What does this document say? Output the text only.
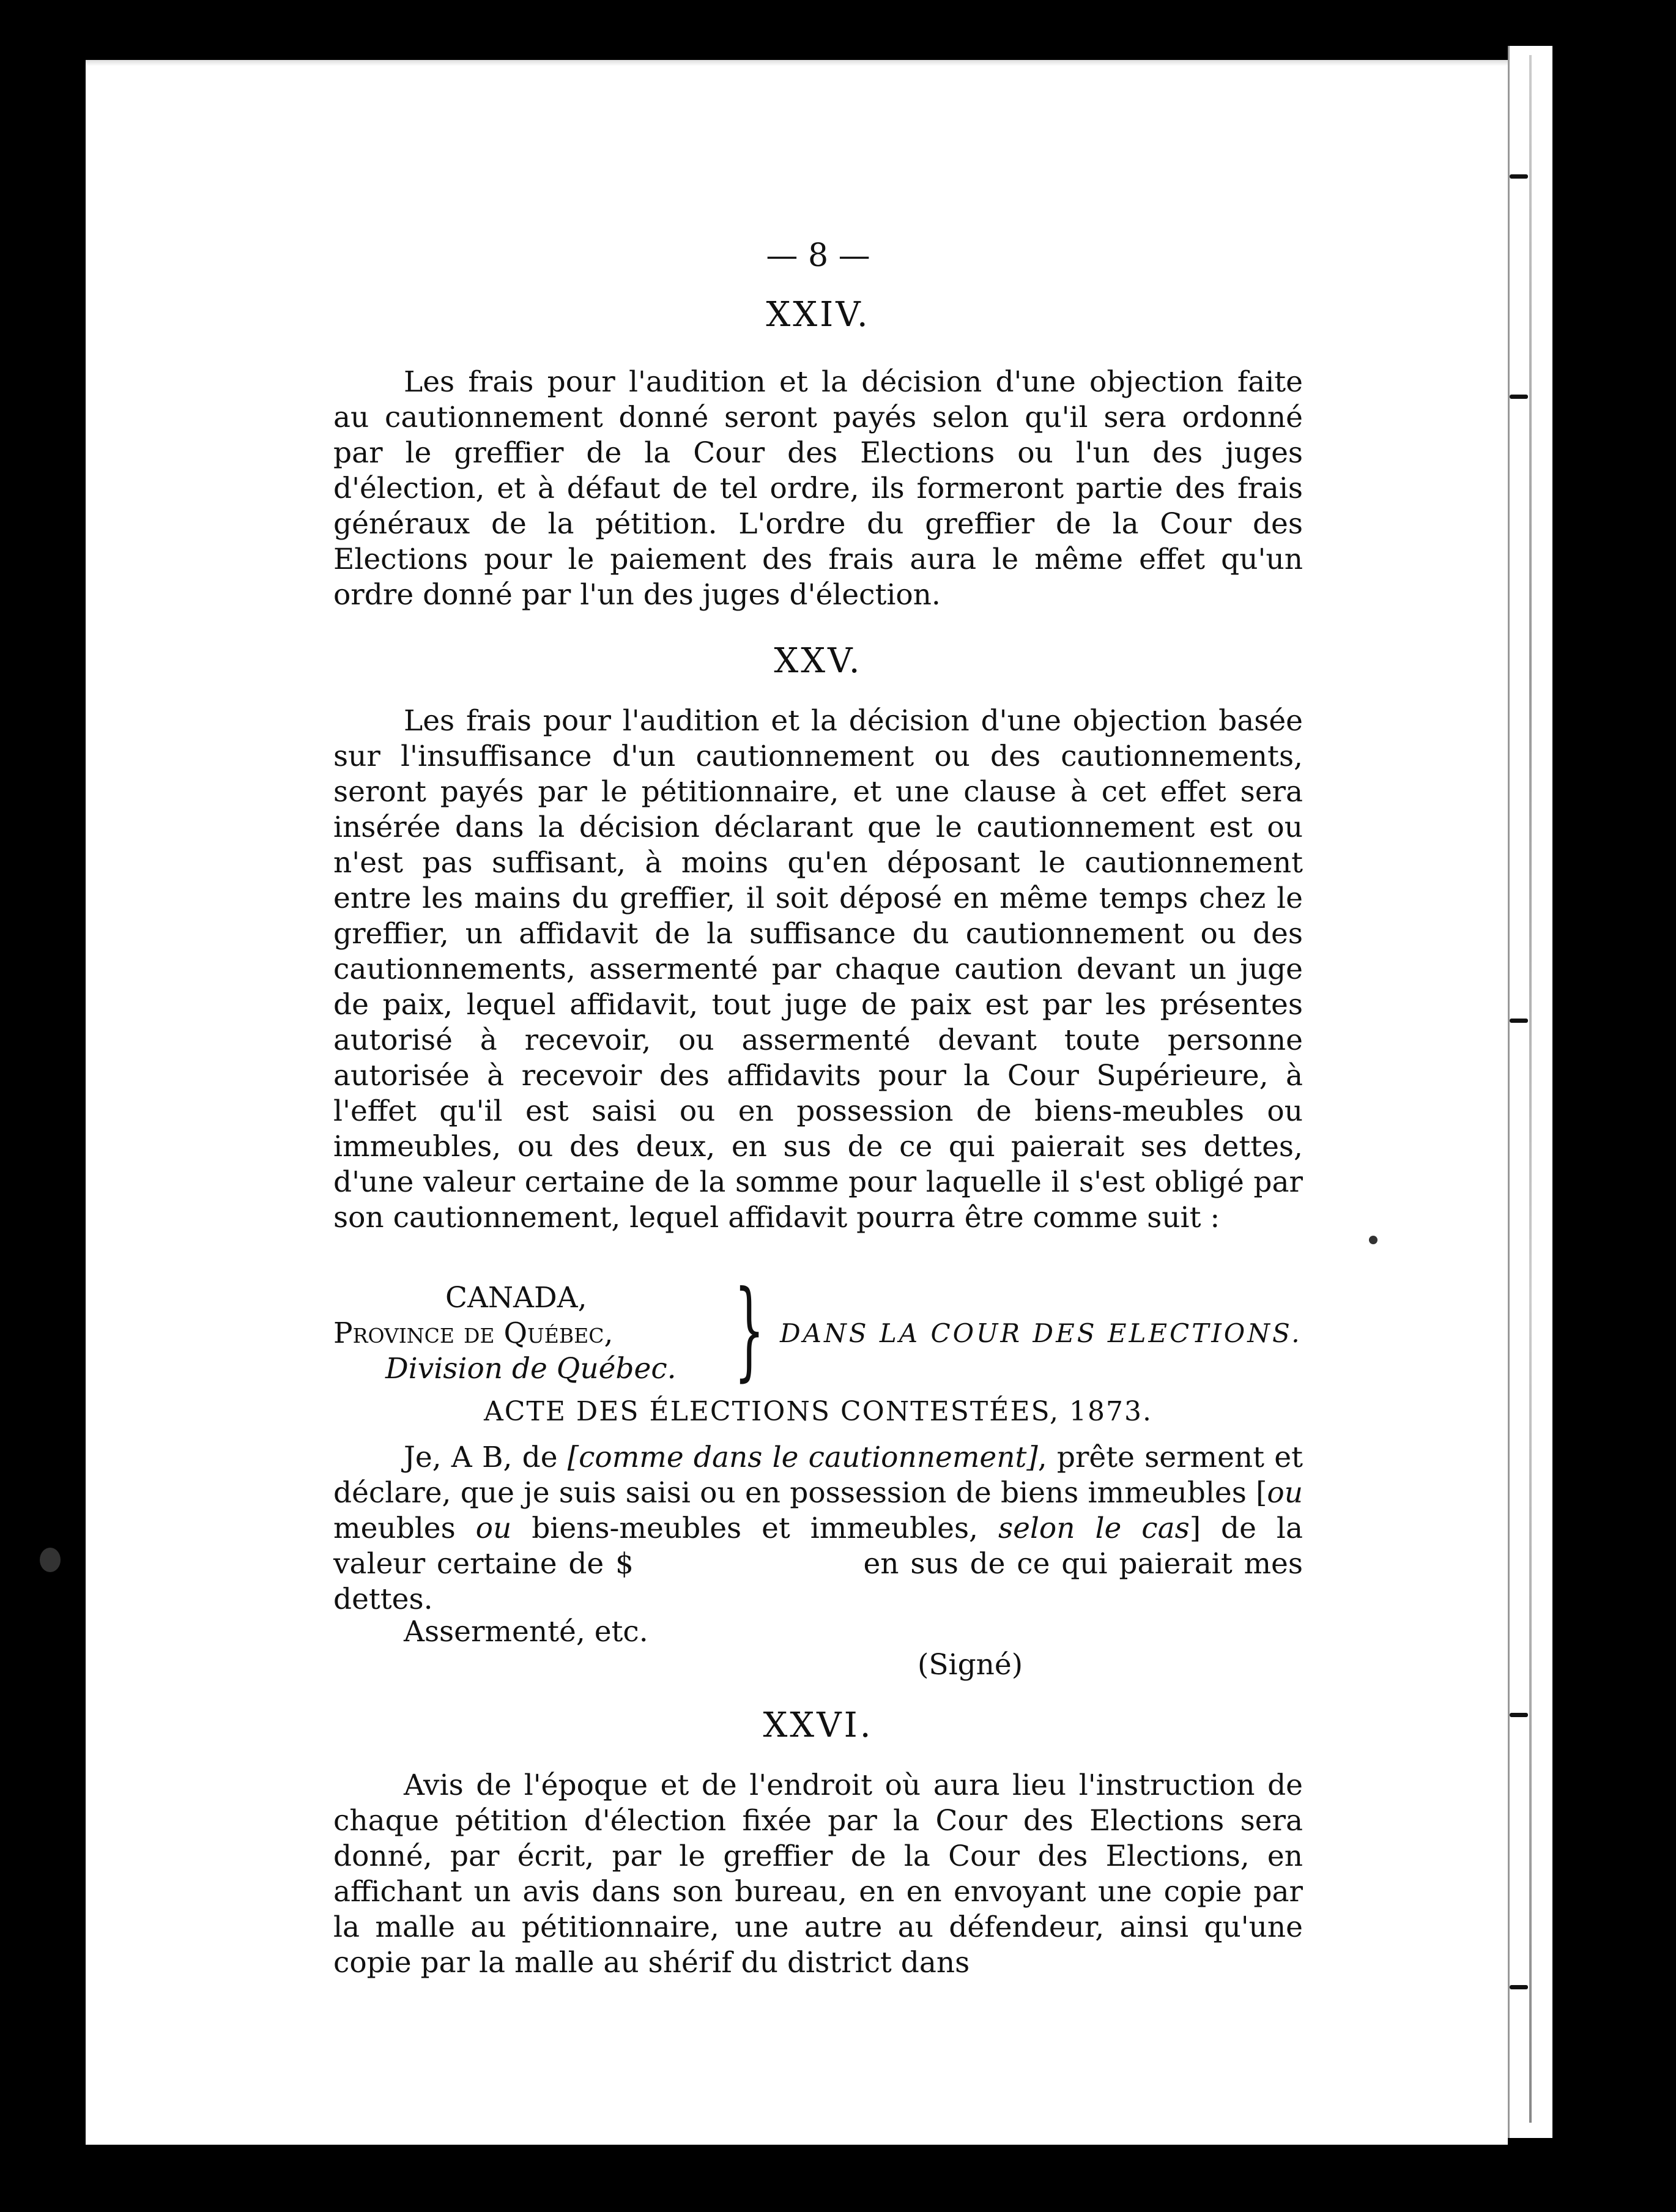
— 8 —
XXIV.

Les frais pour l'audition et la décision d'une objection faite au cautionnement donné seront payés selon qu'il sera ordonné par le greffier de la Cour des Elections ou l'un des juges d'élection, et à défaut de tel ordre, ils formeront partie des frais généraux de la pétition. L'ordre du greffier de la Cour des Elections pour le paiement des frais aura le même effet qu'un ordre donné par l'un des juges d'élection.

XXV.

Les frais pour l'audition et la décision d'une objection basée sur l'insuffisance d'un cautionnement ou des cautionnements, seront payés par le pétitionnaire, et une clause à cet effet sera insérée dans la décision déclarant que le cautionnement est ou n'est pas suffisant, à moins qu'en déposant le cautionnement entre les mains du greffier, il soit déposé en même temps chez le greffier, un affidavit de la suffisance du cautionnement ou des cautionnements, assermenté par chaque caution devant un juge de paix, lequel affidavit, tout juge de paix est par les présentes autorisé à recevoir, ou assermenté devant toute personne autorisée à recevoir des affidavits pour la Cour Supérieure, à l'effet qu'il est saisi ou en possession de biens-meubles ou immeubles, ou des deux, en sus de ce qui paierait ses dettes, d'une valeur certaine de la somme pour laquelle il s'est obligé par son cautionnement, lequel affidavit pourra être comme suit :

CANADA,
Province de Québec,
Division de Québec. } DANS LA COUR DES ELECTIONS.
ACTE DES ÉLECTIONS CONTESTÉES, 1873.

Je, A B, de [comme dans le cautionnement], prête serment et déclare, que je suis saisi ou en possession de biens immeubles [ou meubles ou biens-meubles et immeubles, selon le cas] de la valeur certaine de $                    en sus de ce qui paierait mes dettes.

Assermenté, etc.
(Signé)
XXVI.

Avis de l'époque et de l'endroit où aura lieu l'instruction de chaque pétition d'élection fixée par la Cour des Elections sera donné, par écrit, par le greffier de la Cour des Elections, en affichant un avis dans son bureau, en en envoyant une copie par la malle au pétitionnaire, une autre au défendeur, ainsi qu'une copie par la malle au shérif du district dans
